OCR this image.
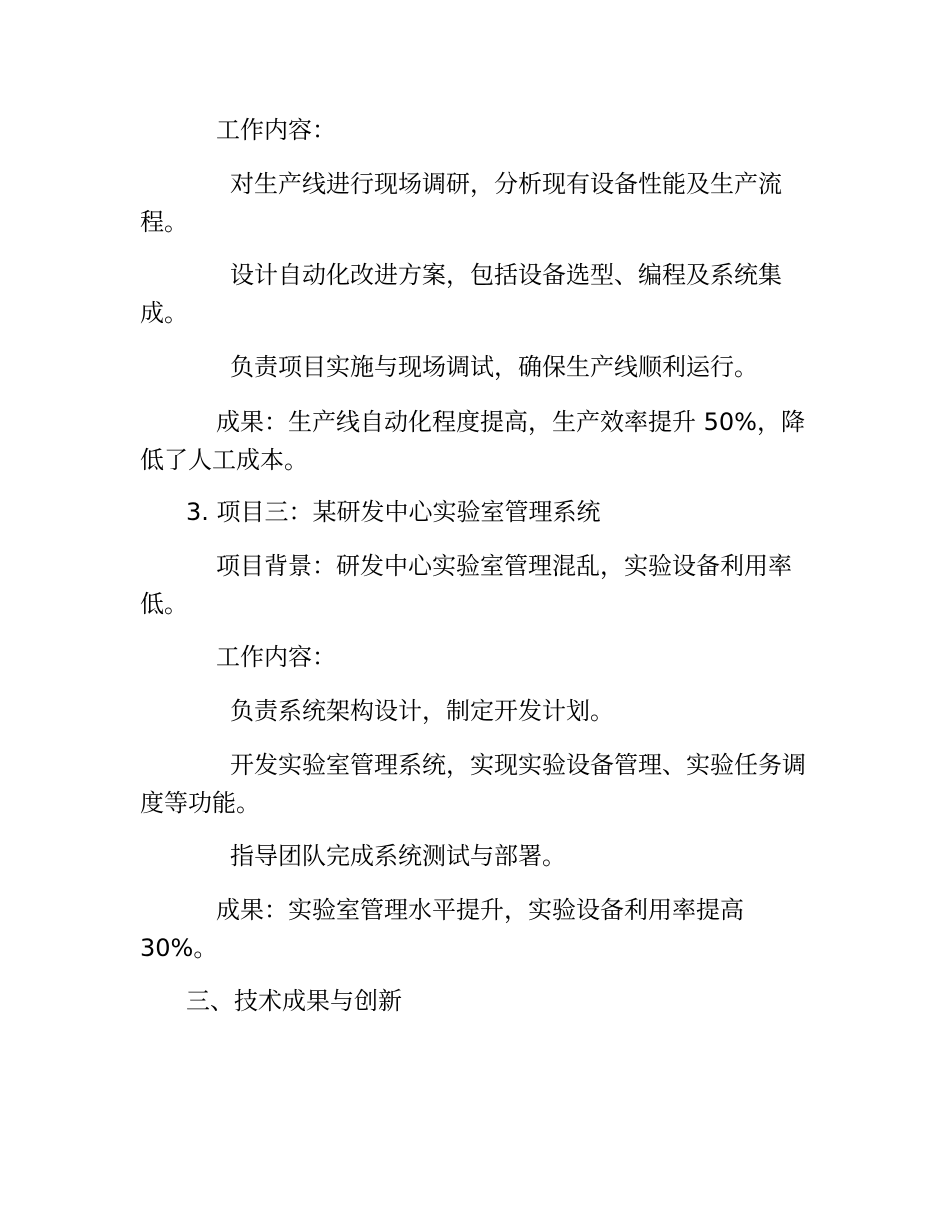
工作内容：

对生产线进行现场调研，分析现有设备性能及生产流程。

设计自动化改进方案，包括设备选型、编程及系统集成。

负责项目实施与现场调试，确保生产线顺利运行。

成果：生产线自动化程度提高，生产效率提升 50%，降低了人工成本。

3. 项目三：某研发中心实验室管理系统

项目背景：研发中心实验室管理混乱，实验设备利用率低。

工作内容：

负责系统架构设计，制定开发计划。

开发实验室管理系统，实现实验设备管理、实验任务调度等功能。

指导团队完成系统测试与部署。

成果：实验室管理水平提升，实验设备利用率提高 30%。

三、技术成果与创新
